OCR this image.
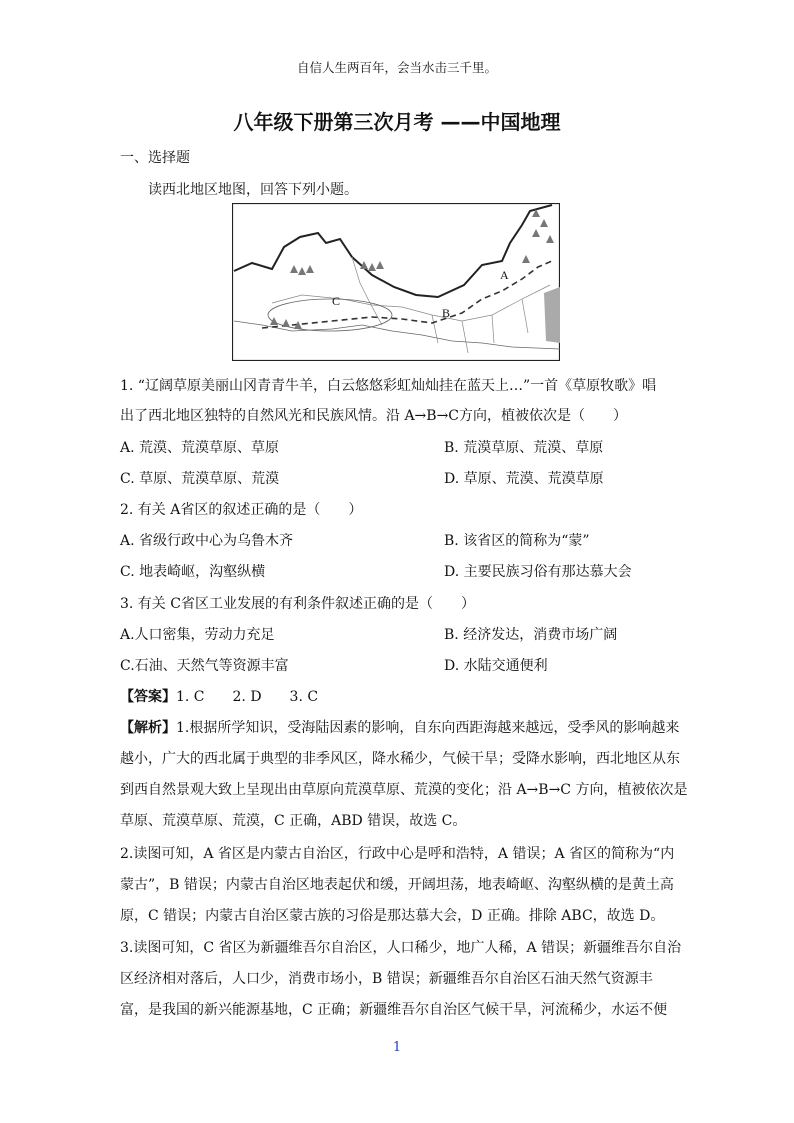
自信人生两百年，会当水击三千里。
八年级下册第三次月考 ——中国地理
一、选择题
读西北地区地图，回答下列小题。
A
B
C
1. “辽阔草原美丽山冈青青牛羊，白云悠悠彩虹灿灿挂在蓝天上…”一首《草原牧歌》唱
出了西北地区独特的自然风光和民族风情。沿 A→B→C方向，植被依次是（　　）
A. 荒漠、荒漠草原、草原	B. 荒漠草原、荒漠、草原
C. 草原、荒漠草原、荒漠	D. 草原、荒漠、荒漠草原
2. 有关 A省区的叙述正确的是（　　）
A. 省级行政中心为乌鲁木齐	B. 该省区的简称为“蒙”
C. 地表崎岖，沟壑纵横	D. 主要民族习俗有那达慕大会
3. 有关 C省区工业发展的有利条件叙述正确的是（　　）
A.人口密集，劳动力充足	B. 经济发达，消费市场广阔
C.石油、天然气等资源丰富	D. 水陆交通便利
【答案】1. C　　2. D　　3. C
【解析】1.根据所学知识，受海陆因素的影响，自东向西距海越来越远，受季风的影响越来
越小，广大的西北属于典型的非季风区，降水稀少，气候干旱；受降水影响，西北地区从东
到西自然景观大致上呈现出由草原向荒漠草原、荒漠的变化；沿 A→B→C 方向，植被依次是
草原、荒漠草原、荒漠，C 正确，ABD 错误，故选 C。
2.读图可知，A 省区是内蒙古自治区，行政中心是呼和浩特，A 错误；A 省区的简称为“内
蒙古”，B 错误；内蒙古自治区地表起伏和缓，开阔坦荡，地表崎岖、沟壑纵横的是黄土高
原，C 错误；内蒙古自治区蒙古族的习俗是那达慕大会，D 正确。排除 ABC，故选 D。
3.读图可知，C 省区为新疆维吾尔自治区，人口稀少，地广人稀，A 错误；新疆维吾尔自治
区经济相对落后，人口少，消费市场小，B 错误；新疆维吾尔自治区石油天然气资源丰
富，是我国的新兴能源基地，C 正确；新疆维吾尔自治区气候干旱，河流稀少，水运不便
1
